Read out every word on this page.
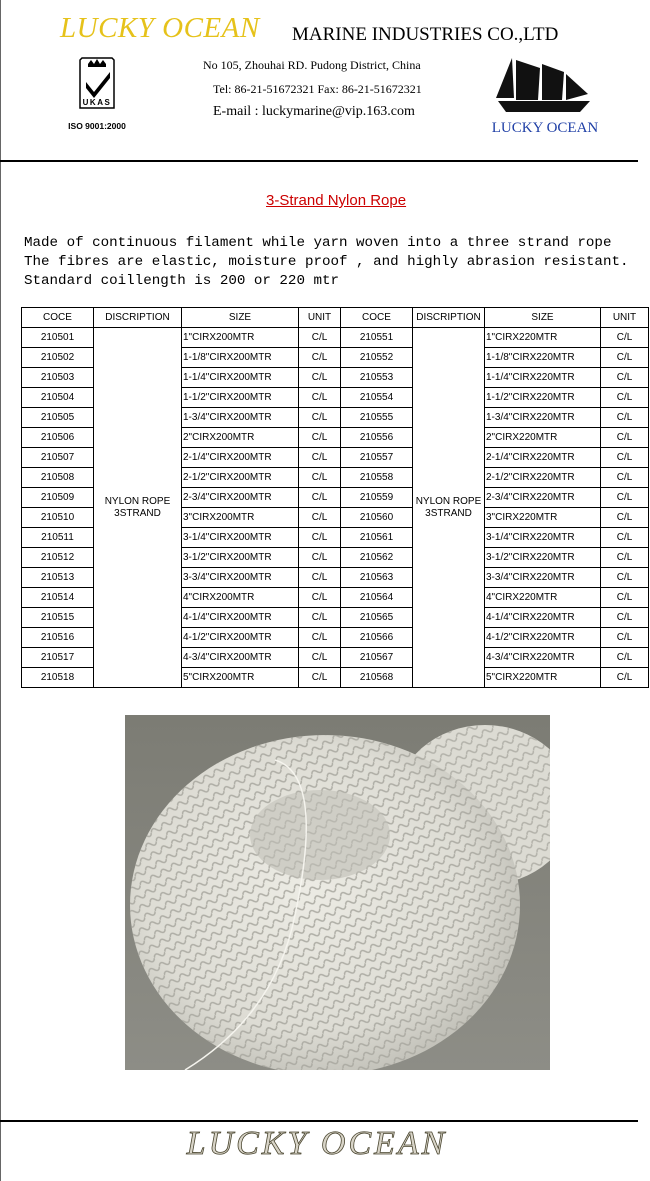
LUCKY OCEAN MARINE INDUSTRIES CO.,LTD
UKAS
ISO 9001:2000
No 105, Zhouhai RD. Pudong District, China
Tel: 86-21-51672321 Fax: 86-21-51672321
E-mail : luckymarine@vip.163.com
LUCKY OCEAN
3-Strand Nylon Rope
Made of continuous filament while yarn woven into a three strand rope
The fibres are elastic, moisture proof , and highly abrasion resistant.
Standard coillength is 200 or 220 mtr
COCE	DISCRIPTION	SIZE	UNIT	COCE	DISCRIPTION	SIZE	UNIT
210501	NYLON ROPE 3STRAND	1"CIRX200MTR	C/L	210551	NYLON ROPE 3STRAND	1"CIRX220MTR	C/L
210502		1-1/8"CIRX200MTR	C/L	210552		1-1/8"CIRX220MTR	C/L
210503		1-1/4"CIRX200MTR	C/L	210553		1-1/4"CIRX220MTR	C/L
210504		1-1/2"CIRX200MTR	C/L	210554		1-1/2"CIRX220MTR	C/L
210505		1-3/4"CIRX200MTR	C/L	210555		1-3/4"CIRX220MTR	C/L
210506		2"CIRX200MTR	C/L	210556		2"CIRX220MTR	C/L
210507		2-1/4"CIRX200MTR	C/L	210557		2-1/4"CIRX220MTR	C/L
210508		2-1/2"CIRX200MTR	C/L	210558		2-1/2"CIRX220MTR	C/L
210509		2-3/4"CIRX200MTR	C/L	210559		2-3/4"CIRX220MTR	C/L
210510		3"CIRX200MTR	C/L	210560		3"CIRX220MTR	C/L
210511		3-1/4"CIRX200MTR	C/L	210561		3-1/4"CIRX220MTR	C/L
210512		3-1/2"CIRX200MTR	C/L	210562		3-1/2"CIRX220MTR	C/L
210513		3-3/4"CIRX200MTR	C/L	210563		3-3/4"CIRX220MTR	C/L
210514		4"CIRX200MTR	C/L	210564		4"CIRX220MTR	C/L
210515		4-1/4"CIRX200MTR	C/L	210565		4-1/4"CIRX220MTR	C/L
210516		4-1/2"CIRX200MTR	C/L	210566		4-1/2"CIRX220MTR	C/L
210517		4-3/4"CIRX200MTR	C/L	210567		4-3/4"CIRX220MTR	C/L
210518		5"CIRX200MTR	C/L	210568		5"CIRX220MTR	C/L
LUCKY OCEAN
